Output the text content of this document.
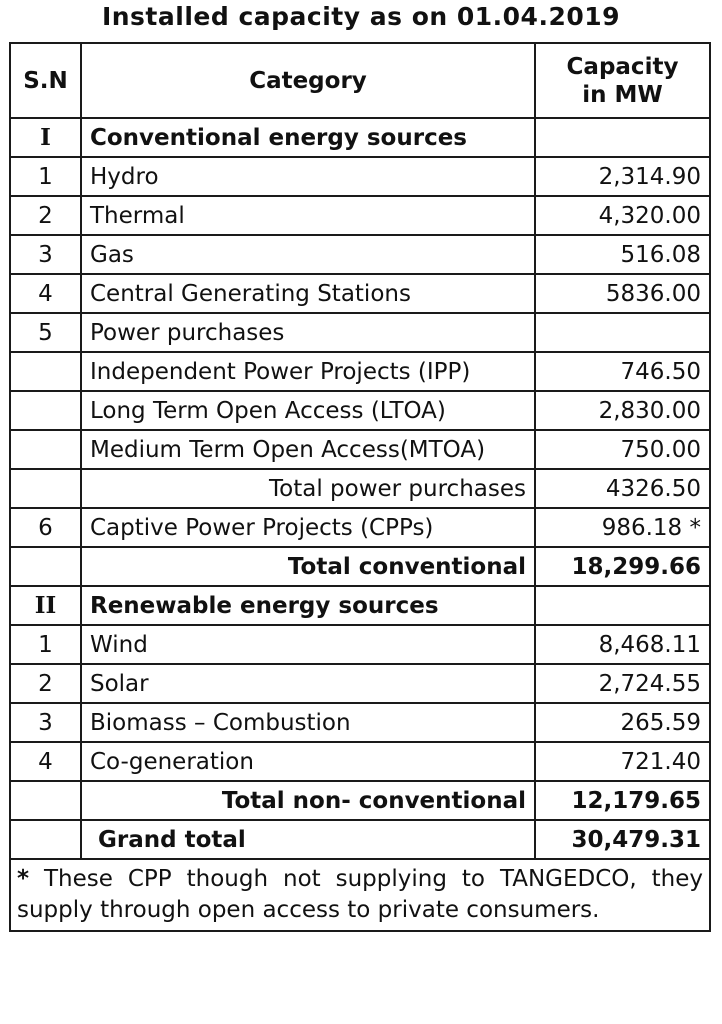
Installed capacity as on 01.04.2019
S.N	Category	Capacity
in MW
I	Conventional energy sources	
1	Hydro	2,314.90
2	Thermal	4,320.00
3	Gas	516.08
4	Central Generating Stations	5836.00
5	Power purchases	
	Independent Power Projects (IPP)	746.50
	Long Term Open Access (LTOA)	2,830.00
	Medium Term Open Access(MTOA)	750.00
	Total power purchases	4326.50
6	Captive Power Projects (CPPs)	986.18 *
	Total conventional	18,299.66
II	Renewable energy sources	
1	Wind	8,468.11
2	Solar	2,724.55
3	Biomass – Combustion	265.59
4	Co-generation	721.40
	Total non- conventional	12,179.65
	Grand total	30,479.31
* These CPP though not supplying to TANGEDCO, they supply through open access to private consumers.		
